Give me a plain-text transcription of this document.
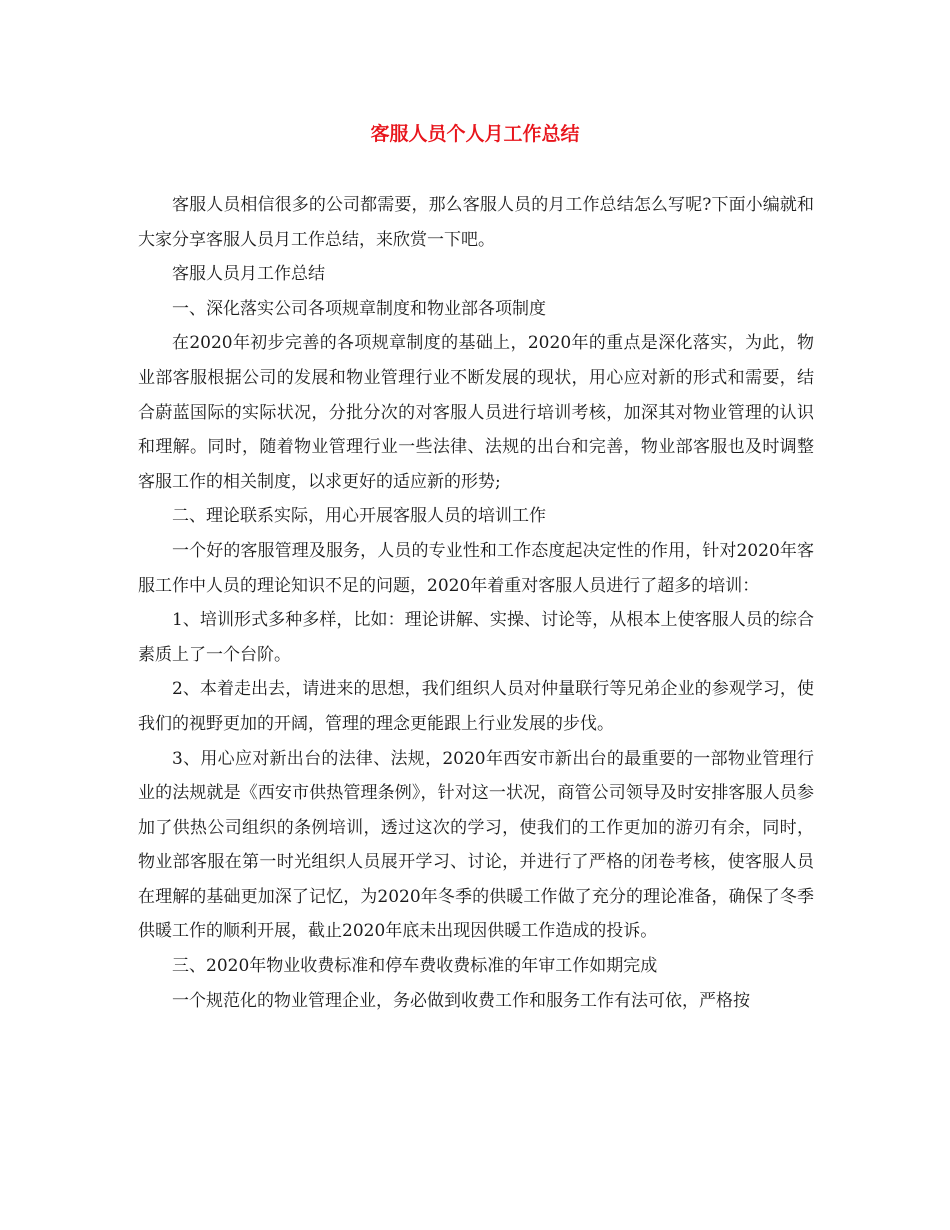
客服人员个人月工作总结

客服人员相信很多的公司都需要，那么客服人员的月工作总结怎么写呢?下面小编就和大家分享客服人员月工作总结，来欣赏一下吧。

客服人员月工作总结

一、深化落实公司各项规章制度和物业部各项制度

在2020年初步完善的各项规章制度的基础上，2020年的重点是深化落实，为此，物业部客服根据公司的发展和物业管理行业不断发展的现状，用心应对新的形式和需要，结合蔚蓝国际的实际状况，分批分次的对客服人员进行培训考核，加深其对物业管理的认识和理解。同时，随着物业管理行业一些法律、法规的出台和完善，物业部客服也及时调整客服工作的相关制度，以求更好的适应新的形势;

二、理论联系实际，用心开展客服人员的培训工作

一个好的客服管理及服务，人员的专业性和工作态度起决定性的作用，针对2020年客服工作中人员的理论知识不足的问题，2020年着重对客服人员进行了超多的培训：

1、培训形式多种多样，比如：理论讲解、实操、讨论等，从根本上使客服人员的综合素质上了一个台阶。

2、本着走出去，请进来的思想，我们组织人员对仲量联行等兄弟企业的参观学习，使我们的视野更加的开阔，管理的理念更能跟上行业发展的步伐。

3、用心应对新出台的法律、法规，2020年西安市新出台的最重要的一部物业管理行业的法规就是《西安市供热管理条例》，针对这一状况，商管公司领导及时安排客服人员参加了供热公司组织的条例培训，透过这次的学习，使我们的工作更加的游刃有余，同时，物业部客服在第一时光组织人员展开学习、讨论，并进行了严格的闭卷考核，使客服人员在理解的基础更加深了记忆，为2020年冬季的供暖工作做了充分的理论准备，确保了冬季供暖工作的顺利开展，截止2020年底未出现因供暖工作造成的投诉。

三、2020年物业收费标准和停车费收费标准的年审工作如期完成

一个规范化的物业管理企业，务必做到收费工作和服务工作有法可依，严格按
